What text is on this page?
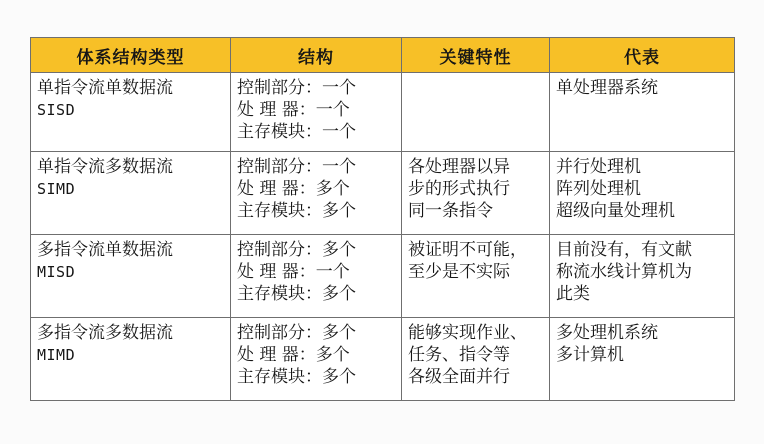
体系结构类型	结构	关键特性	代表

单指令流单数据流
SISD	控制部分：一个
处 理 器：一个
主存模块：一个		单处理器系统

单指令流多数据流
SIMD	控制部分：一个
处 理 器：多个
主存模块：多个	各处理器以异
步的形式执行
同一条指令	并行处理机
阵列处理机
超级向量处理机

多指令流单数据流
MISD	控制部分：多个
处 理 器：一个
主存模块：多个	被证明不可能，
至少是不实际	目前没有，有文献
称流水线计算机为
此类

多指令流多数据流
MIMD	控制部分：多个
处 理 器：多个
主存模块：多个	能够实现作业、
任务、指令等
各级全面并行	多处理机系统
多计算机
